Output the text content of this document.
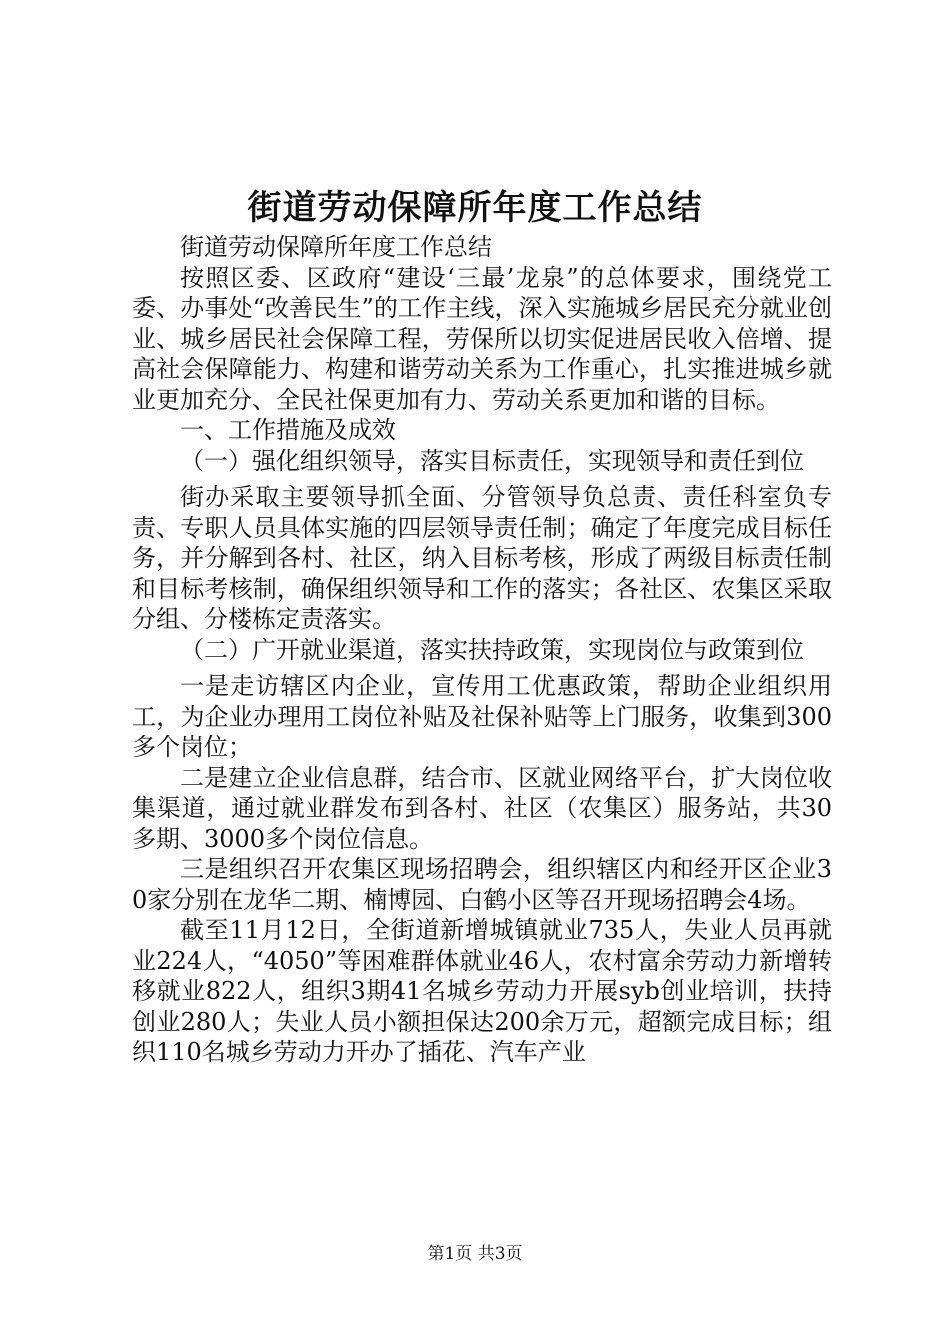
街道劳动保障所年度工作总结

街道劳动保障所年度工作总结

按照区委、区政府“建设‘三最’龙泉”的总体要求，围绕党工委、办事处“改善民生”的工作主线，深入实施城乡居民充分就业创业、城乡居民社会保障工程，劳保所以切实促进居民收入倍增、提高社会保障能力、构建和谐劳动关系为工作重心，扎实推进城乡就业更加充分、全民社保更加有力、劳动关系更加和谐的目标。

一、工作措施及成效

（一）强化组织领导，落实目标责任，实现领导和责任到位

街办采取主要领导抓全面、分管领导负总责、责任科室负专责、专职人员具体实施的四层领导责任制；确定了年度完成目标任务，并分解到各村、社区，纳入目标考核，形成了两级目标责任制和目标考核制，确保组织领导和工作的落实；各社区、农集区采取分组、分楼栋定责落实。

（二）广开就业渠道，落实扶持政策，实现岗位与政策到位

一是走访辖区内企业，宣传用工优惠政策，帮助企业组织用工，为企业办理用工岗位补贴及社保补贴等上门服务，收集到300多个岗位；

二是建立企业信息群，结合市、区就业网络平台，扩大岗位收集渠道，通过就业群发布到各村、社区（农集区）服务站，共30多期、3000多个岗位信息。

三是组织召开农集区现场招聘会，组织辖区内和经开区企业30家分别在龙华二期、楠博园、白鹤小区等召开现场招聘会4场。

截至11月12日，全街道新增城镇就业735人，失业人员再就业224人，“4050”等困难群体就业46人，农村富余劳动力新增转移就业822人，组织3期41名城乡劳动力开展syb创业培训，扶持创业280人；失业人员小额担保达200余万元，超额完成目标；组织110名城乡劳动力开办了插花、汽车产业

第1页 共3页
